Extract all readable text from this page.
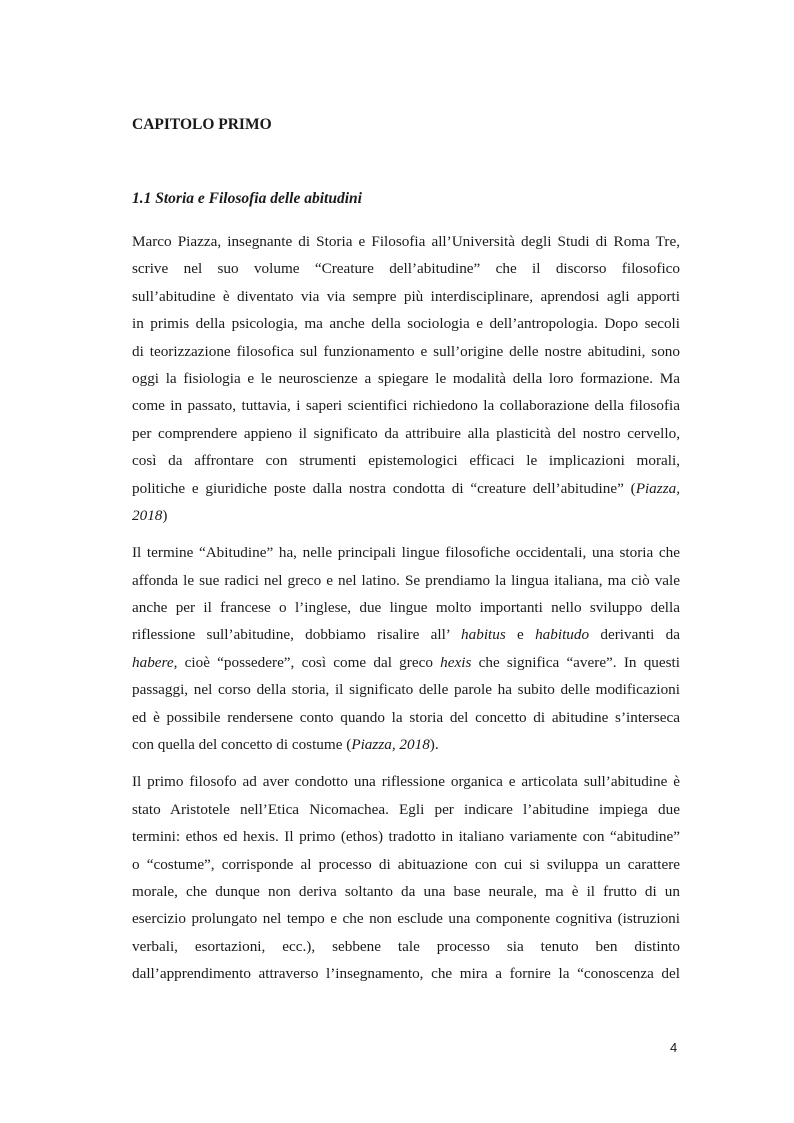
CAPITOLO PRIMO
1.1 Storia e Filosofia delle abitudini
Marco Piazza, insegnante di Storia e Filosofia all’Università degli Studi di Roma Tre,
scrive nel suo volume “Creature dell’abitudine” che il discorso filosofico
sull’abitudine è diventato via via sempre più interdisciplinare, aprendosi agli apporti
in primis della psicologia, ma anche della sociologia e dell’antropologia. Dopo secoli
di teorizzazione filosofica sul funzionamento e sull’origine delle nostre abitudini, sono
oggi la fisiologia e le neuroscienze a spiegare le modalità della loro formazione. Ma
come in passato, tuttavia, i saperi scientifici richiedono la collaborazione della filosofia
per comprendere appieno il significato da attribuire alla plasticità del nostro cervello,
così da affrontare con strumenti epistemologici efficaci le implicazioni morali,
politiche e giuridiche poste dalla nostra condotta di “creature dell’abitudine” (Piazza,
2018)
Il termine “Abitudine” ha, nelle principali lingue filosofiche occidentali, una storia che
affonda le sue radici nel greco e nel latino. Se prendiamo la lingua italiana, ma ciò vale
anche per il francese o l’inglese, due lingue molto importanti nello sviluppo della
riflessione sull’abitudine, dobbiamo risalire all’ habitus e habitudo derivanti da
habere, cioè “possedere”, così come dal greco hexis che significa “avere”. In questi
passaggi, nel corso della storia, il significato delle parole ha subito delle modificazioni
ed è possibile rendersene conto quando la storia del concetto di abitudine s’interseca
con quella del concetto di costume (Piazza, 2018).
Il primo filosofo ad aver condotto una riflessione organica e articolata sull’abitudine è
stato Aristotele nell’Etica Nicomachea. Egli per indicare l’abitudine impiega due
termini: ethos ed hexis. Il primo (ethos) tradotto in italiano variamente con “abitudine”
o “costume”, corrisponde al processo di abituazione con cui si sviluppa un carattere
morale, che dunque non deriva soltanto da una base neurale, ma è il frutto di un
esercizio prolungato nel tempo e che non esclude una componente cognitiva (istruzioni
verbali, esortazioni, ecc.), sebbene tale processo sia tenuto ben distinto
dall’apprendimento attraverso l’insegnamento, che mira a fornire la “conoscenza del

4
